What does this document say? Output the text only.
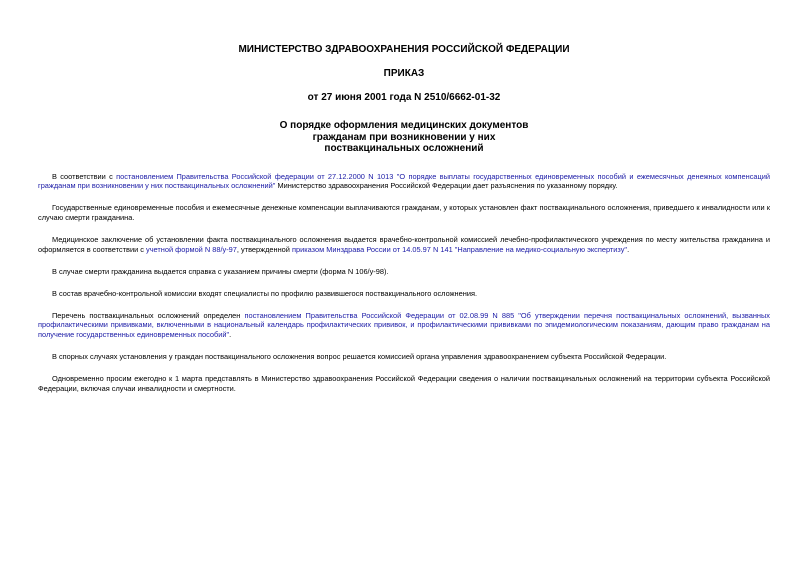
МИНИСТЕРСТВО ЗДРАВООХРАНЕНИЯ РОССИЙСКОЙ ФЕДЕРАЦИИ
ПРИКАЗ
от 27 июня 2001 года N 2510/6662-01-32
О порядке оформления медицинских документов гражданам при возникновении у них поствакцинальных осложнений

В соответствии с постановлением Правительства Российской федерации от 27.12.2000 N 1013 "О порядке выплаты государственных единовременных пособий и ежемесячных денежных компенсаций гражданам при возникновении у них поствакцинальных осложнений" Министерство здравоохранения Российской Федерации дает разъяснения по указанному порядку.

Государственные единовременные пособия и ежемесячные денежные компенсации выплачиваются гражданам, у которых установлен факт поствакцинального осложнения, приведшего к инвалидности или к случаю смерти гражданина.

Медицинское заключение об установлении факта поствакцинального осложнения выдается врачебно-контрольной комиссией лечебно-профилактического учреждения по месту жительства гражданина и оформляется в соответствии с учетной формой N 88/у-97, утвержденной приказом Минздрава России от 14.05.97 N 141 "Направление на медико-социальную экспертизу".

В случае смерти гражданина выдается справка с указанием причины смерти (форма N 106/у-98).

В состав врачебно-контрольной комиссии входят специалисты по профилю развившегося поствакцинального осложнения.

Перечень поствакцинальных осложнений определен постановлением Правительства Российской Федерации от 02.08.99 N 885 "Об утверждении перечня поствакцинальных осложнений, вызванных профилактическими прививками, включенными в национальный календарь профилактических прививок, и профилактическими прививками по эпидемиологическим показаниям, дающим право гражданам на получение государственных единовременных пособий".

В спорных случаях установления у граждан поствакцинального осложнения вопрос решается комиссией органа управления здравоохранением субъекта Российской Федерации.

Одновременно просим ежегодно к 1 марта представлять в Министерство здравоохранения Российской Федерации сведения о наличии поствакцинальных осложнений на территории субъекта Российской Федерации, включая случаи инвалидности и смертности.
